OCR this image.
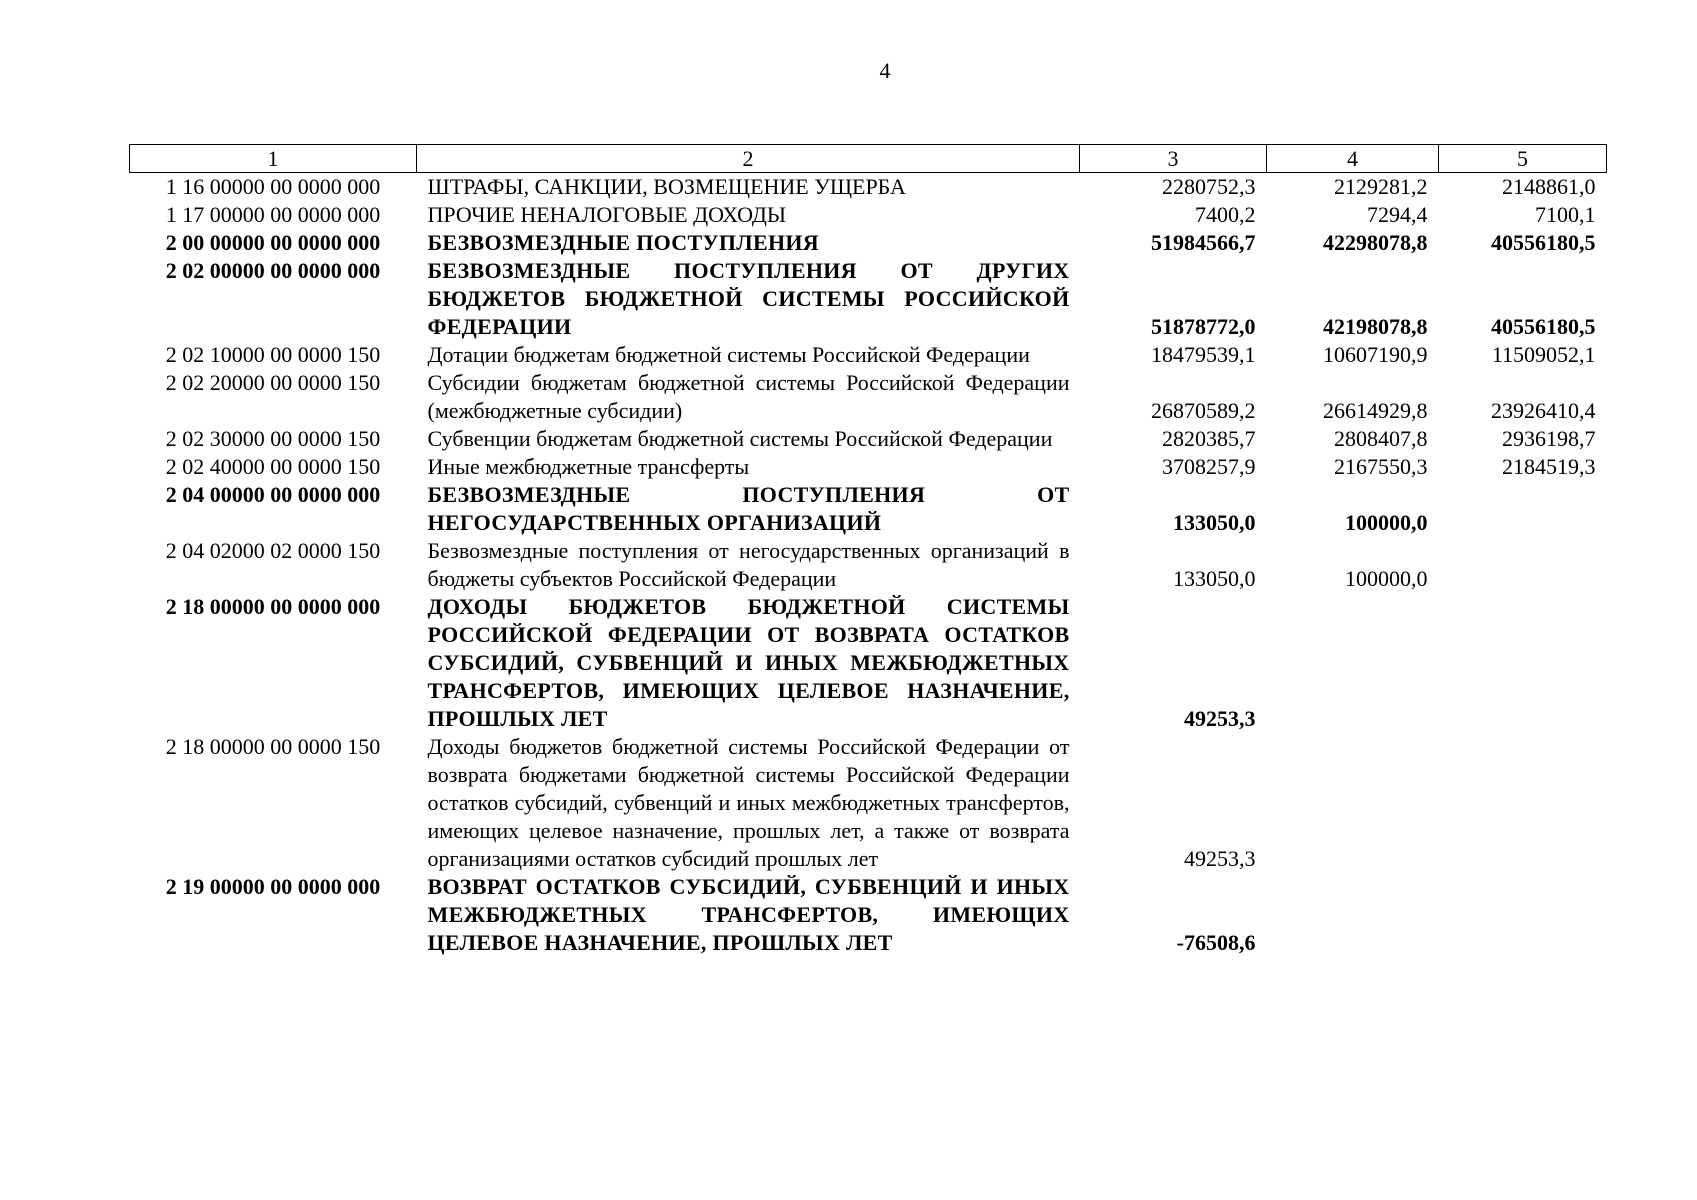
4
1	2	3	4	5
1 16 00000 00 0000 000	ШТРАФЫ, САНКЦИИ, ВОЗМЕЩЕНИЕ УЩЕРБА	2280752,3	2129281,2	2148861,0
1 17 00000 00 0000 000	ПРОЧИЕ НЕНАЛОГОВЫЕ ДОХОДЫ	7400,2	7294,4	7100,1
2 00 00000 00 0000 000	БЕЗВОЗМЕЗДНЫЕ ПОСТУПЛЕНИЯ	51984566,7	42298078,8	40556180,5
2 02 00000 00 0000 000	БЕЗВОЗМЕЗДНЫЕ ПОСТУПЛЕНИЯ ОТ ДРУГИХ БЮДЖЕТОВ БЮДЖЕТНОЙ СИСТЕМЫ РОССИЙСКОЙ ФЕДЕРАЦИИ	51878772,0	42198078,8	40556180,5
2 02 10000 00 0000 150	Дотации бюджетам бюджетной системы Российской Федерации	18479539,1	10607190,9	11509052,1
2 02 20000 00 0000 150	Субсидии бюджетам бюджетной системы Российской Федерации (межбюджетные субсидии)	26870589,2	26614929,8	23926410,4
2 02 30000 00 0000 150	Субвенции бюджетам бюджетной системы Российской Федерации	2820385,7	2808407,8	2936198,7
2 02 40000 00 0000 150	Иные межбюджетные трансферты	3708257,9	2167550,3	2184519,3
2 04 00000 00 0000 000	БЕЗВОЗМЕЗДНЫЕ ПОСТУПЛЕНИЯ ОТ НЕГОСУДАРСТВЕННЫХ ОРГАНИЗАЦИЙ	133050,0	100000,0	
2 04 02000 02 0000 150	Безвозмездные поступления от негосударственных организаций в бюджеты субъектов Российской Федерации	133050,0	100000,0	
2 18 00000 00 0000 000	ДОХОДЫ БЮДЖЕТОВ БЮДЖЕТНОЙ СИСТЕМЫ РОССИЙСКОЙ ФЕДЕРАЦИИ ОТ ВОЗВРАТА ОСТАТКОВ СУБСИДИЙ, СУБВЕНЦИЙ И ИНЫХ МЕЖБЮДЖЕТНЫХ ТРАНСФЕРТОВ, ИМЕЮЩИХ ЦЕЛЕВОЕ НАЗНАЧЕНИЕ, ПРОШЛЫХ ЛЕТ	49253,3		
2 18 00000 00 0000 150	Доходы бюджетов бюджетной системы Российской Федерации от возврата бюджетами бюджетной системы Российской Федерации остатков субсидий, субвенций и иных межбюджетных трансфертов, имеющих целевое назначение, прошлых лет, а также от возврата организациями остатков субсидий прошлых лет	49253,3		
2 19 00000 00 0000 000	ВОЗВРАТ ОСТАТКОВ СУБСИДИЙ, СУБВЕНЦИЙ И ИНЫХ МЕЖБЮДЖЕТНЫХ ТРАНСФЕРТОВ, ИМЕЮЩИХ ЦЕЛЕВОЕ НАЗНАЧЕНИЕ, ПРОШЛЫХ ЛЕТ	-76508,6		
